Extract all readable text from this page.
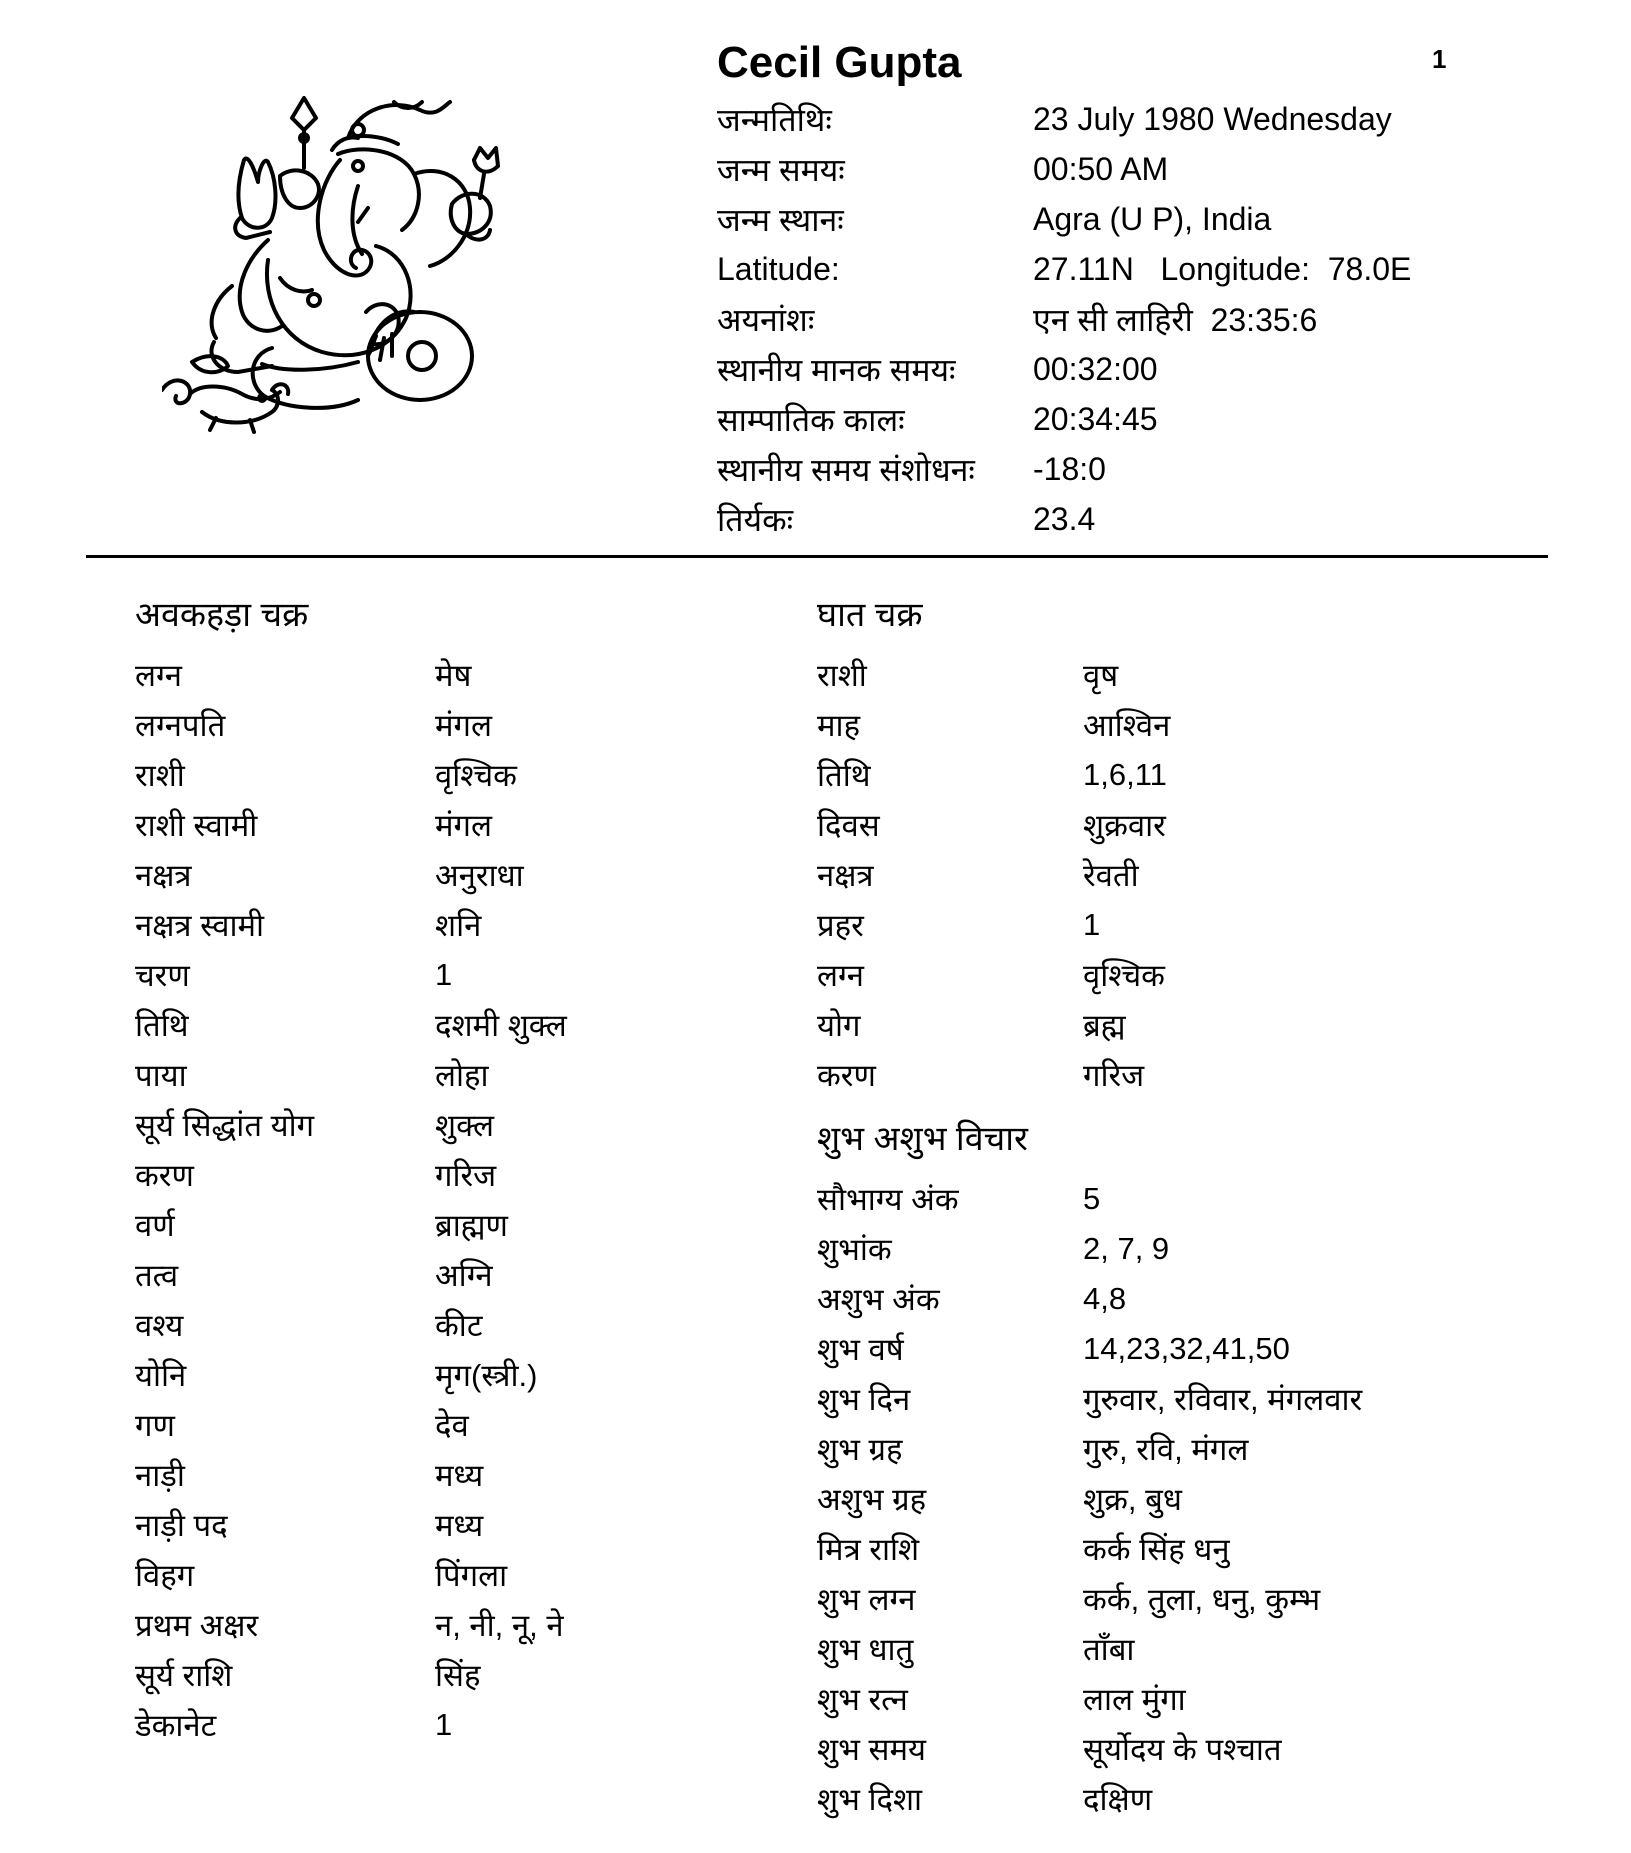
1
Cecil Gupta
जन्मतिथिः	23 July 1980 Wednesday
जन्म समयः	00:50 AM
जन्म स्थानः	Agra (U P), India
Latitude:	27.11N   Longitude:  78.0E
अयनांशः	एन सी लाहिरी  23:35:6
स्थानीय मानक समयः	00:32:00
साम्पातिक कालः	20:34:45
स्थानीय समय संशोधनः	-18:0
तिर्यकः	23.4
अवकहड़ा चक्र
लग्न	मेष
लग्नपति	मंगल
राशी	वृश्चिक
राशी स्वामी	मंगल
नक्षत्र	अनुराधा
नक्षत्र स्वामी	शनि
चरण	1
तिथि	दशमी शुक्ल
पाया	लोहा
सूर्य सिद्धांत योग	शुक्ल
करण	गरिज
वर्ण	ब्राह्मण
तत्व	अग्नि
वश्य	कीट
योनि	मृग(स्त्री.)
गण	देव
नाड़ी	मध्य
नाड़ी पद	मध्य
विहग	पिंगला
प्रथम अक्षर	न, नी, नू, ने
सूर्य राशि	सिंह
डेकानेट	1
घात चक्र
राशी	वृष
माह	आश्विन
तिथि	1,6,11
दिवस	शुक्रवार
नक्षत्र	रेवती
प्रहर	1
लग्न	वृश्चिक
योग	ब्रह्म
करण	गरिज
शुभ अशुभ विचार
सौभाग्य अंक	5
शुभांक	2, 7, 9
अशुभ अंक	4,8
शुभ वर्ष	14,23,32,41,50
शुभ दिन	गुरुवार, रविवार, मंगलवार
शुभ ग्रह	गुरु, रवि, मंगल
अशुभ ग्रह	शुक्र, बुध
मित्र राशि	कर्क सिंह धनु
शुभ लग्न	कर्क, तुला, धनु, कुम्भ
शुभ धातु	ताँबा
शुभ रत्न	लाल मुंगा
शुभ समय	सूर्योदय के पश्चात
शुभ दिशा	दक्षिण
